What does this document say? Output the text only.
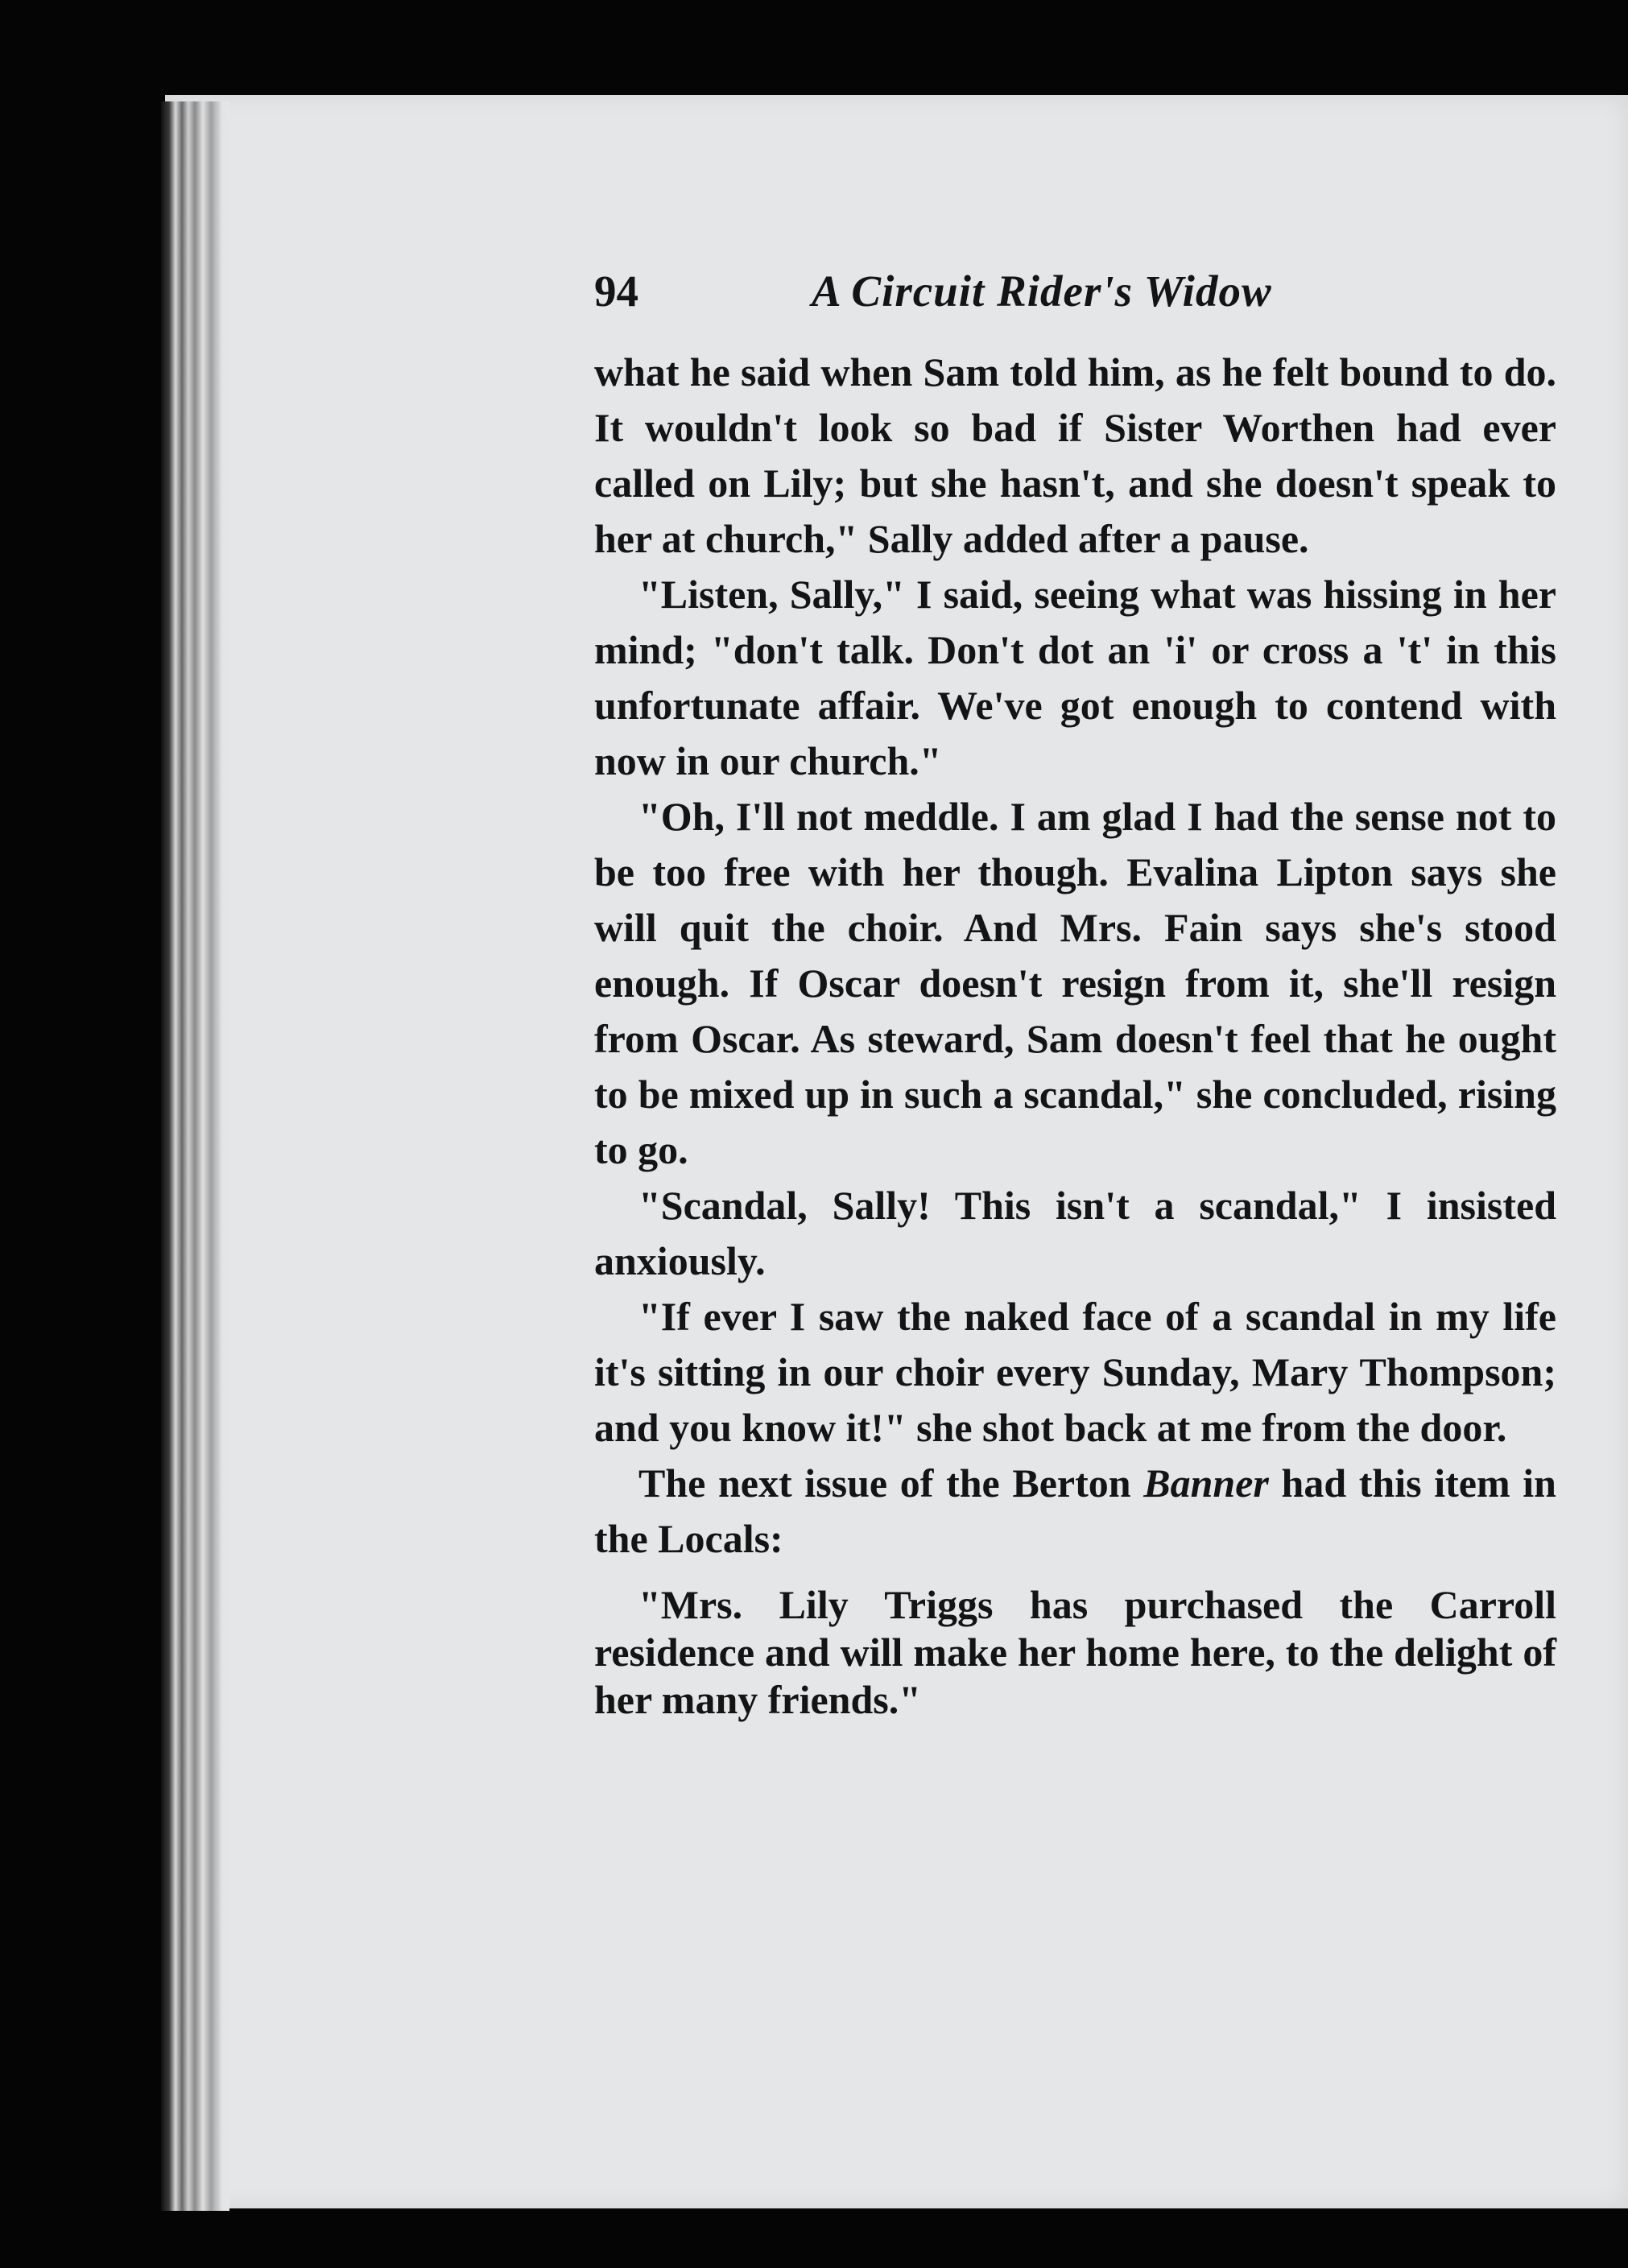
94	A Circuit Rider's Widow

what he said when Sam told him, as he felt bound to do. It wouldn't look so bad if Sister Worthen had ever called on Lily; but she hasn't, and she doesn't speak to her at church," Sally added after a pause.

"Listen, Sally," I said, seeing what was hissing in her mind; "don't talk. Don't dot an 'i' or cross a 't' in this unfortunate affair. We've got enough to contend with now in our church."

"Oh, I'll not meddle. I am glad I had the sense not to be too free with her though. Evalina Lipton says she will quit the choir. And Mrs. Fain says she's stood enough. If Oscar doesn't resign from it, she'll resign from Oscar. As steward, Sam doesn't feel that he ought to be mixed up in such a scandal," she concluded, rising to go.

"Scandal, Sally! This isn't a scandal," I insisted anxiously.

"If ever I saw the naked face of a scandal in my life it's sitting in our choir every Sunday, Mary Thompson; and you know it!" she shot back at me from the door.

The next issue of the Berton Banner had this item in the Locals:

"Mrs. Lily Triggs has purchased the Carroll residence and will make her home here, to the delight of her many friends."
